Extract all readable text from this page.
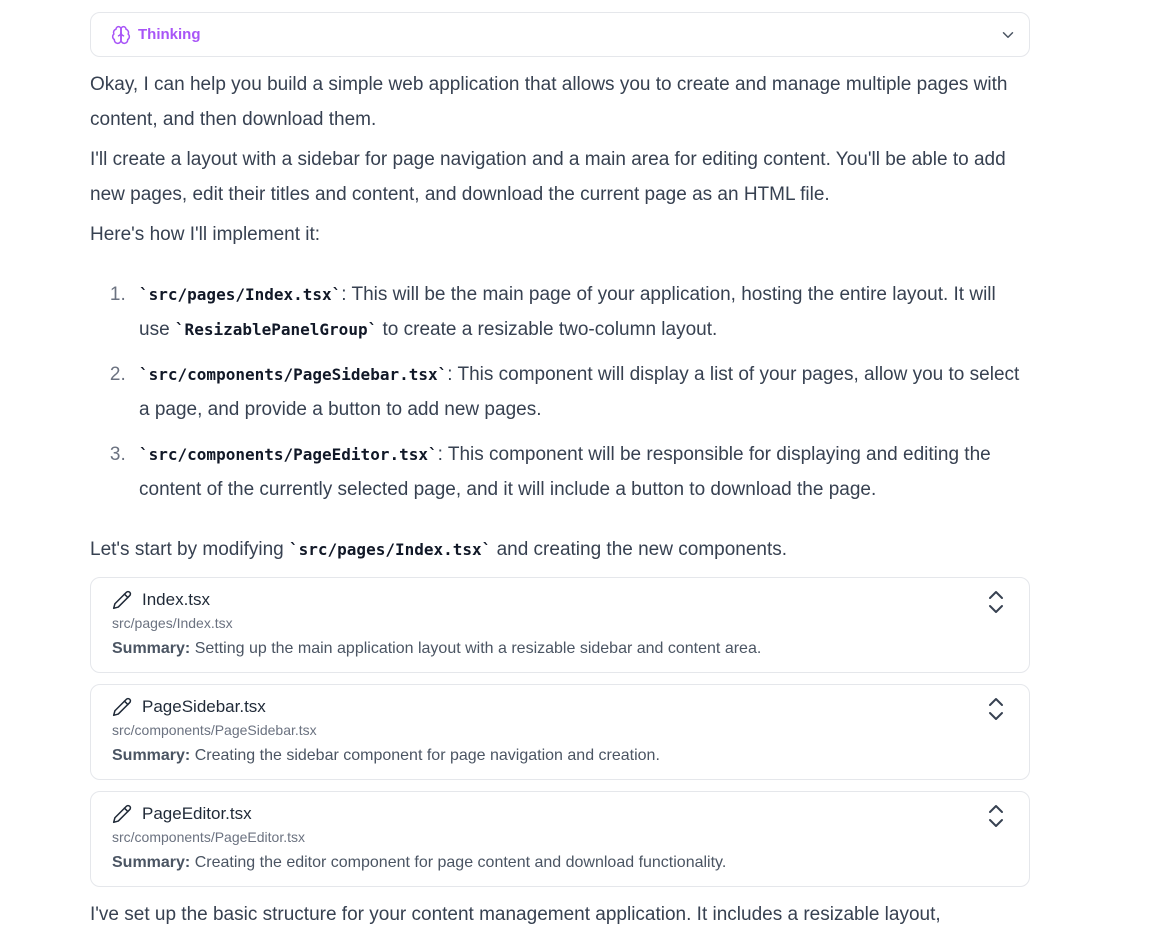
Thinking

Okay, I can help you build a simple web application that allows you to create and manage multiple pages with content, and then download them.

I'll create a layout with a sidebar for page navigation and a main area for editing content. You'll be able to add new pages, edit their titles and content, and download the current page as an HTML file.

Here's how I'll implement it:

1. `src/pages/Index.tsx`: This will be the main page of your application, hosting the entire layout. It will use `ResizablePanelGroup` to create a resizable two-column layout.
2. `src/components/PageSidebar.tsx`: This component will display a list of your pages, allow you to select a page, and provide a button to add new pages.
3. `src/components/PageEditor.tsx`: This component will be responsible for displaying and editing the content of the currently selected page, and it will include a button to download the page.

Let's start by modifying `src/pages/Index.tsx` and creating the new components.

Index.tsx
src/pages/Index.tsx
Summary: Setting up the main application layout with a resizable sidebar and content area.
PageSidebar.tsx
src/components/PageSidebar.tsx
Summary: Creating the sidebar component for page navigation and creation.
PageEditor.tsx
src/components/PageEditor.tsx
Summary: Creating the editor component for page content and download functionality.

I've set up the basic structure for your content management application. It includes a resizable layout,
